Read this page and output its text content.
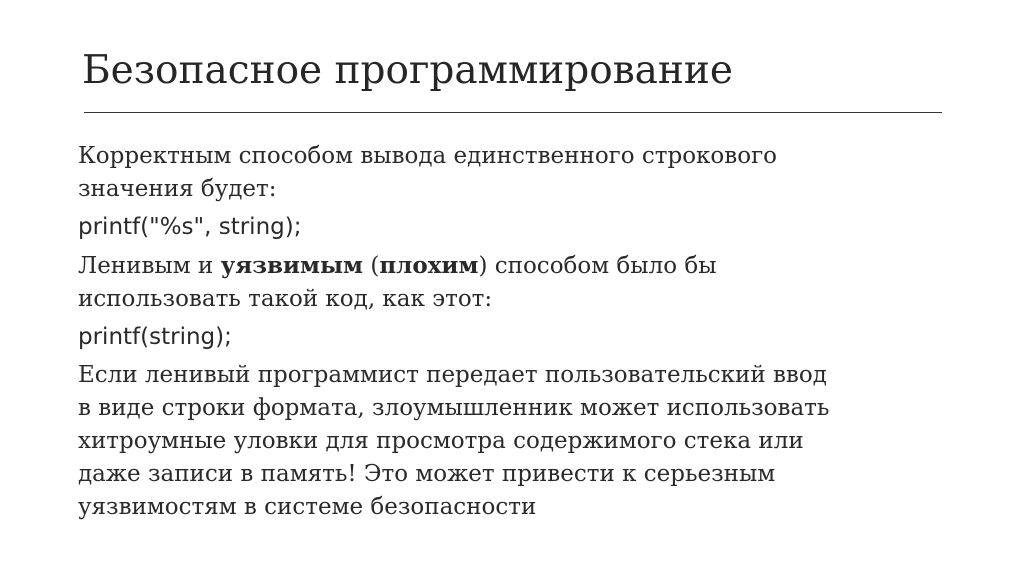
Безопасное программирование

Корректным способом вывода единственного строкового
значения будет:

printf("%s", string);

Ленивым и уязвимым (плохим) способом было бы
использовать такой код, как этот:

printf(string);

Если ленивый программист передает пользовательский ввод
в виде строки формата, злоумышленник может использовать
хитроумные уловки для просмотра содержимого стека или
даже записи в память! Это может привести к серьезным
уязвимостям в системе безопасности
